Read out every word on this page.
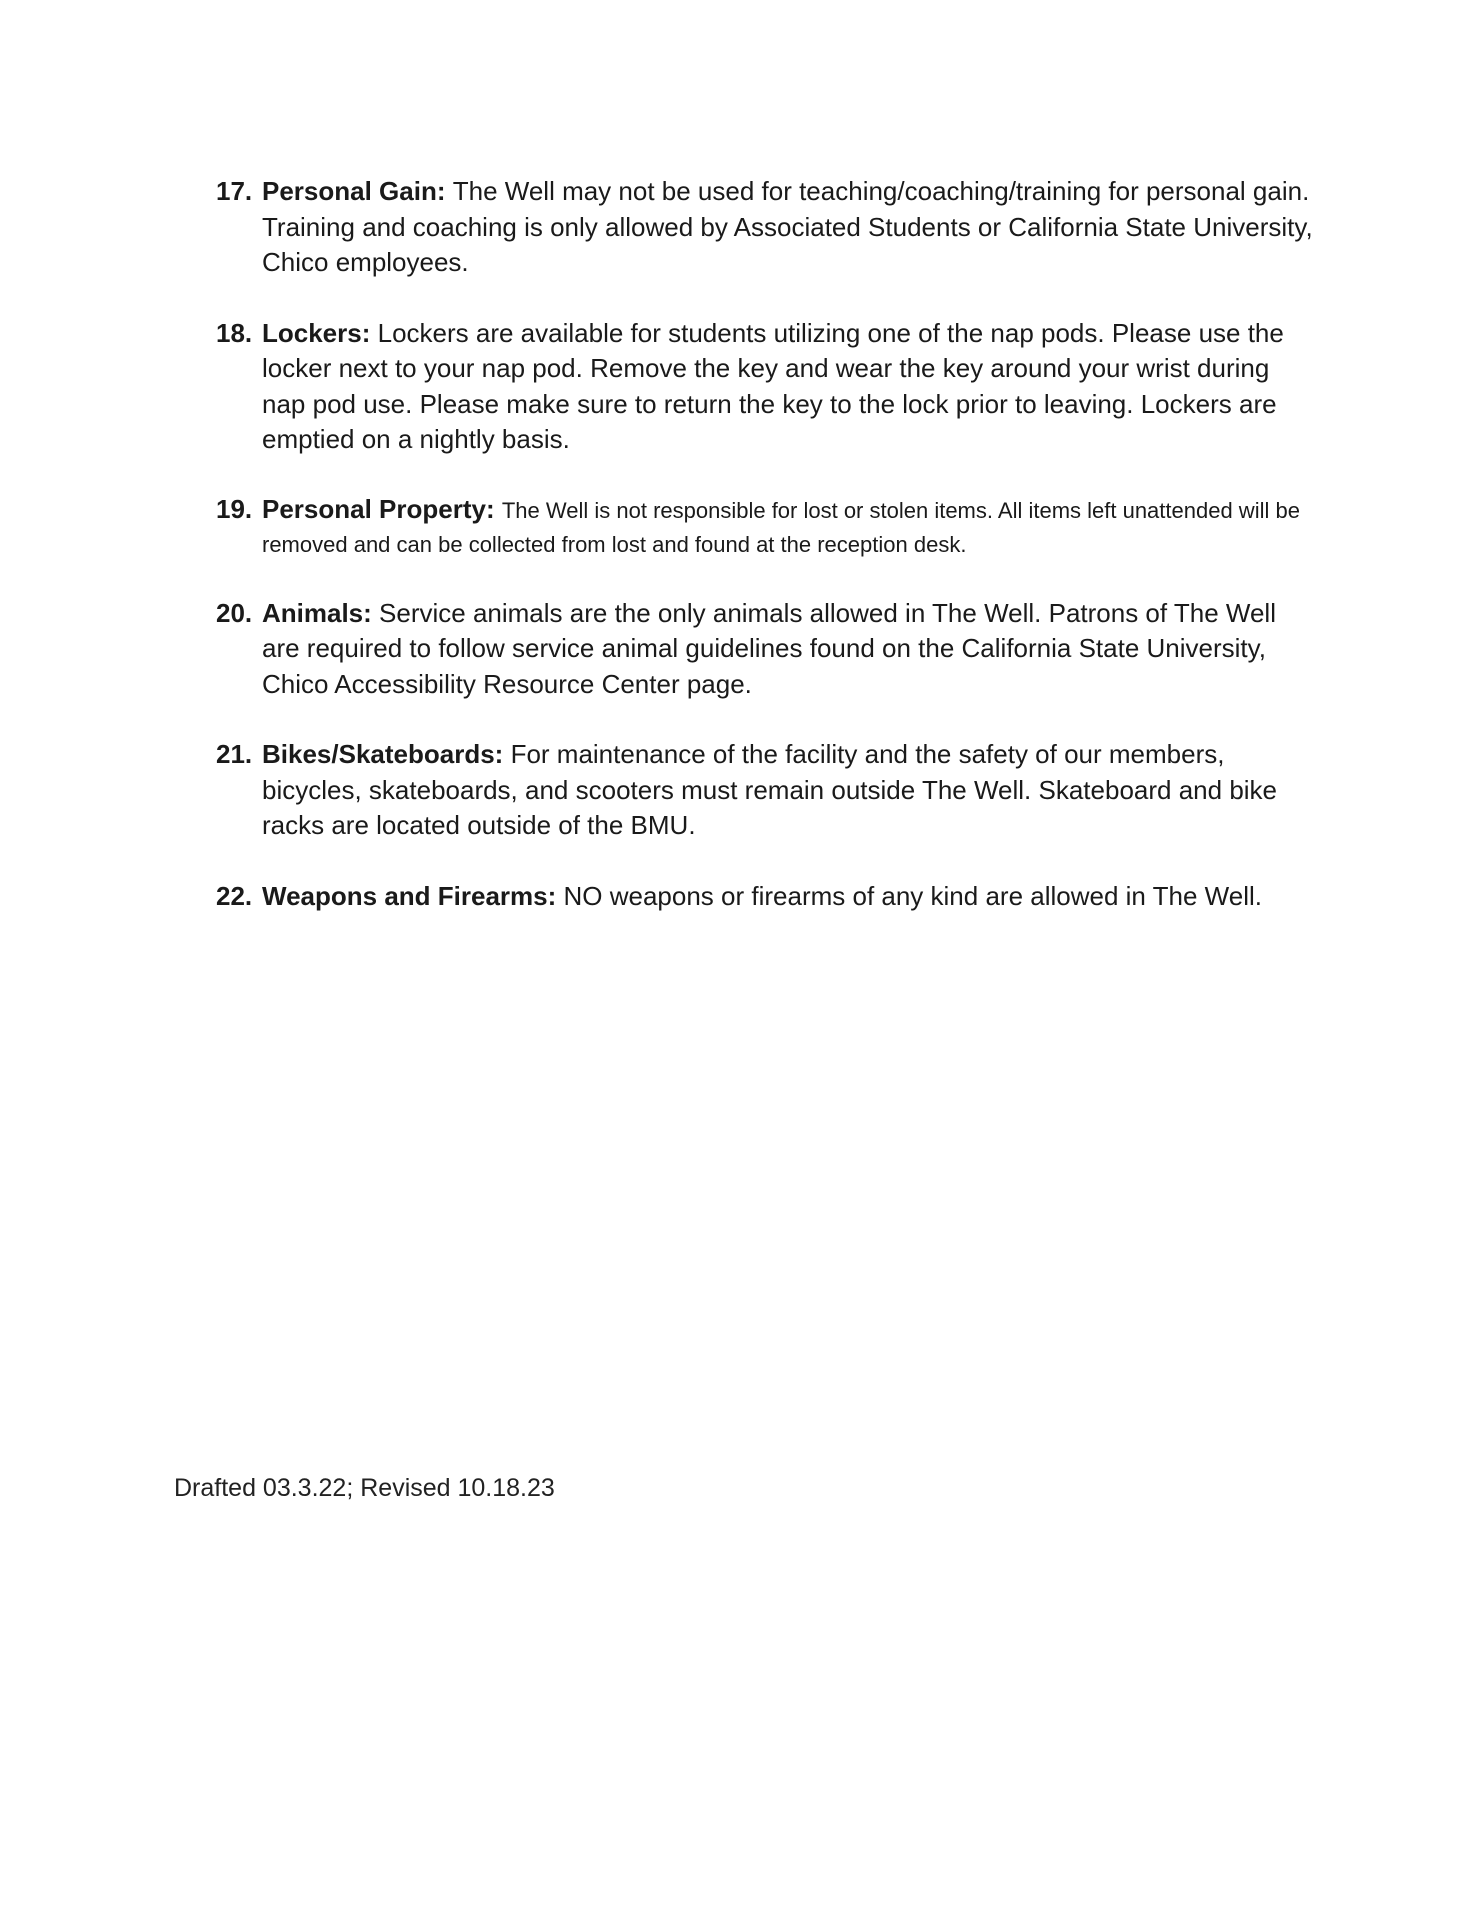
17. Personal Gain: The Well may not be used for teaching/coaching/training for personal gain. Training and coaching is only allowed by Associated Students or California State University, Chico employees.
18. Lockers: Lockers are available for students utilizing one of the nap pods. Please use the locker next to your nap pod. Remove the key and wear the key around your wrist during nap pod use. Please make sure to return the key to the lock prior to leaving. Lockers are emptied on a nightly basis.
19. Personal Property: The Well is not responsible for lost or stolen items. All items left unattended will be removed and can be collected from lost and found at the reception desk.
20. Animals: Service animals are the only animals allowed in The Well. Patrons of The Well are required to follow service animal guidelines found on the California State University, Chico Accessibility Resource Center page.
21. Bikes/Skateboards: For maintenance of the facility and the safety of our members, bicycles, skateboards, and scooters must remain outside The Well. Skateboard and bike racks are located outside of the BMU.
22. Weapons and Firearms: NO weapons or firearms of any kind are allowed in The Well.
Drafted 03.3.22; Revised 10.18.23
